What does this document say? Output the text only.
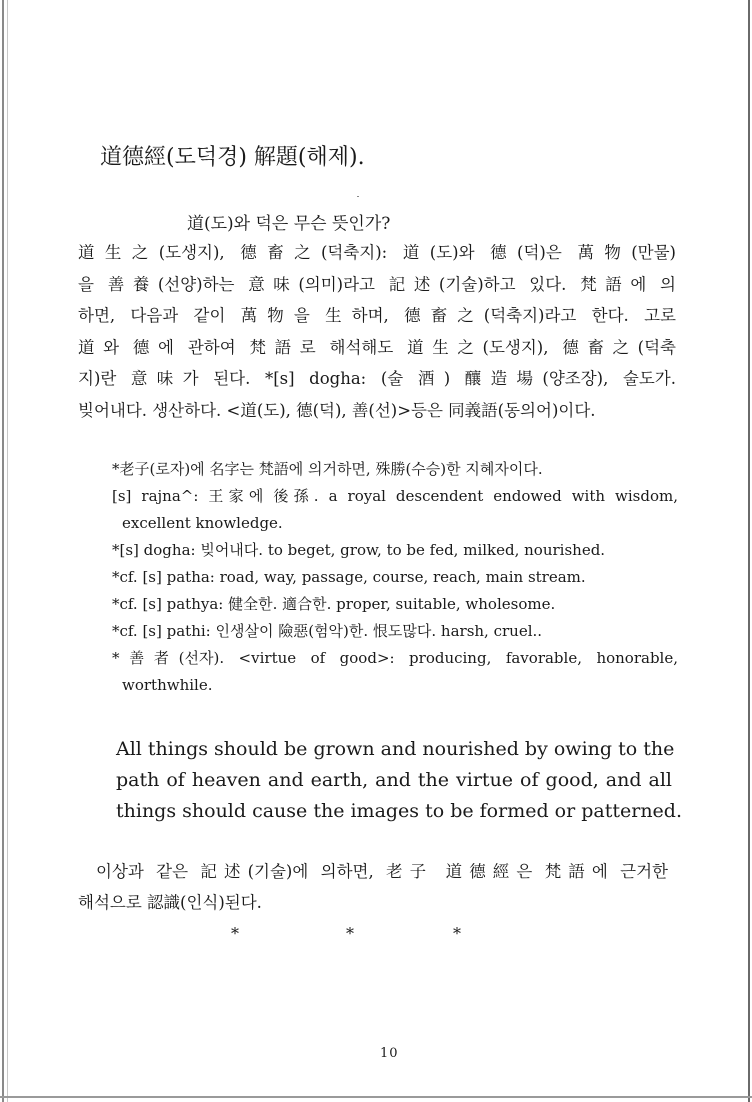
道德經(도덕경) 解題(해제).
道(도)와 덕은 무슨 뜻인가?
道生之(도생지), 德畜之(덕축지): 道(도)와 德(덕)은 萬物(만물)
을 善養(선양)하는 意味(의미)라고 記述(기술)하고 있다. 梵語에 의
하면, 다음과 같이 萬物을 生하며, 德畜之(덕축지)라고 한다. 고로
道와 德에 관하여 梵語로 해석해도 道生之(도생지), 德畜之(덕축
지)란 意味가 된다. *[s] dogha: (술 酒) 釀造場(양조장), 술도가.
빚어내다. 생산하다. <道(도), 德(덕), 善(선)>등은 同義語(동의어)이다.
*老子(로자)에 名字는 梵語에 의거하면, 殊勝(수승)한 지혜자이다.
[s] rajna^: 王家에 後孫. a royal descendent endowed with wisdom,
excellent knowledge.
*[s] dogha: 빚어내다. to beget, grow, to be fed, milked, nourished.
*cf. [s] patha: road, way, passage, course, reach, main stream.
*cf. [s] pathya: 健全한. 適合한. proper, suitable, wholesome.
*cf. [s] pathi: 인생살이 險惡(험악)한. 恨도많다. harsh, cruel..
*善者(선자). <virtue of good>: producing, favorable, honorable,
worthwhile.
All things should be grown and nourished by owing to the
path of heaven and earth, and the virtue of good, and all
things should cause the images to be formed or patterned.
이상과 같은 記述(기술)에 의하면, 老子 道德經은 梵語에 근거한
해석으로 認識(인식)된다.
*	*	*
10
